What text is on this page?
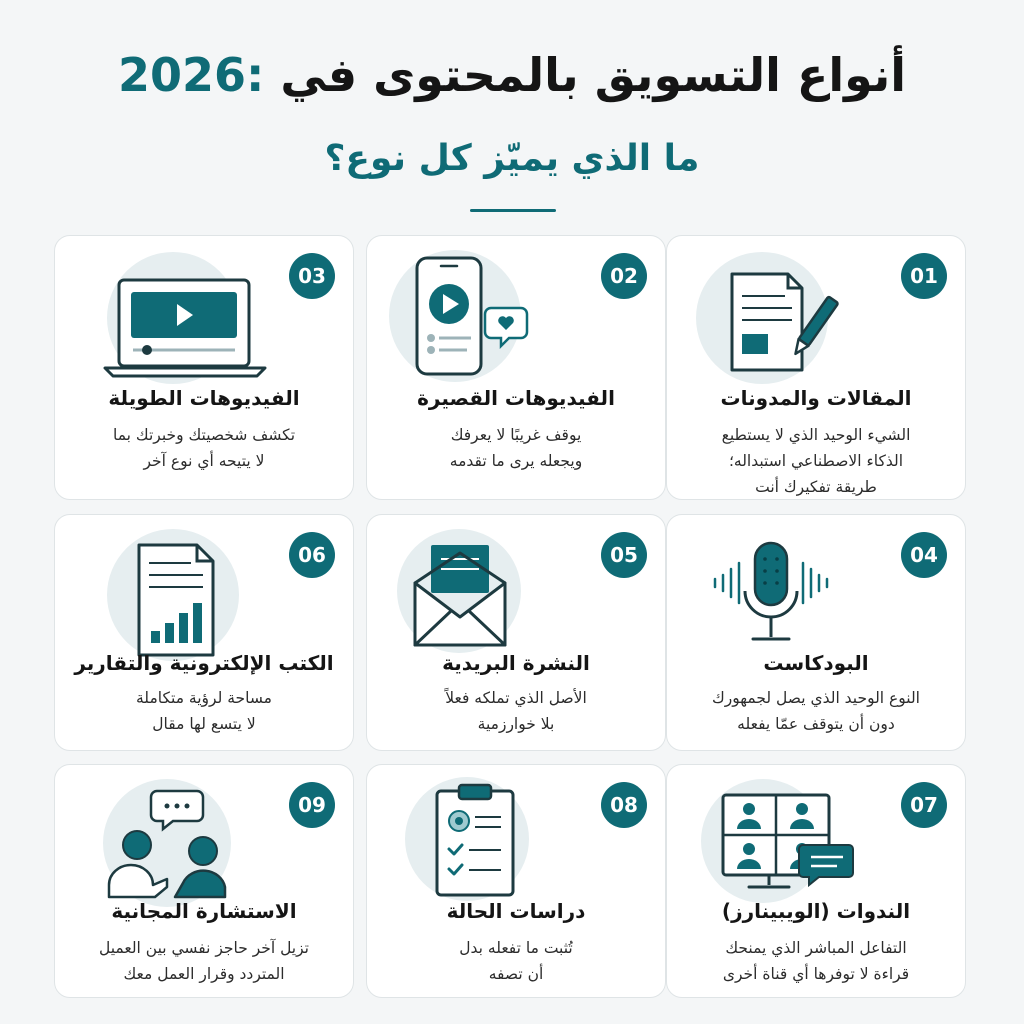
أنواع التسويق بالمحتوى في 2026:
ما الذي يميّز كل نوع؟
01
المقالات والمدونات
الشيء الوحيد الذي لا يستطيع
الذكاء الاصطناعي استبداله؛
طريقة تفكيرك أنت
02
الفيديوهات القصيرة
يوقف غريبًا لا يعرفك
ويجعله يرى ما تقدمه
03
الفيديوهات الطويلة
تكشف شخصيتك وخبرتك بما
لا يتيحه أي نوع آخر
04
البودكاست
النوع الوحيد الذي يصل لجمهورك
دون أن يتوقف عمّا يفعله
05
النشرة البريدية
الأصل الذي تملكه فعلاً
بلا خوارزمية
06
الكتب الإلكترونية والتقارير
مساحة لرؤية متكاملة
لا يتسع لها مقال
07
الندوات (الويبينارز)
التفاعل المباشر الذي يمنحك
قراءة لا توفرها أي قناة أخرى
08
دراسات الحالة
تُثبت ما تفعله بدل
أن تصفه
09
الاستشارة المجانية
تزيل آخر حاجز نفسي بين العميل
المتردد وقرار العمل معك
